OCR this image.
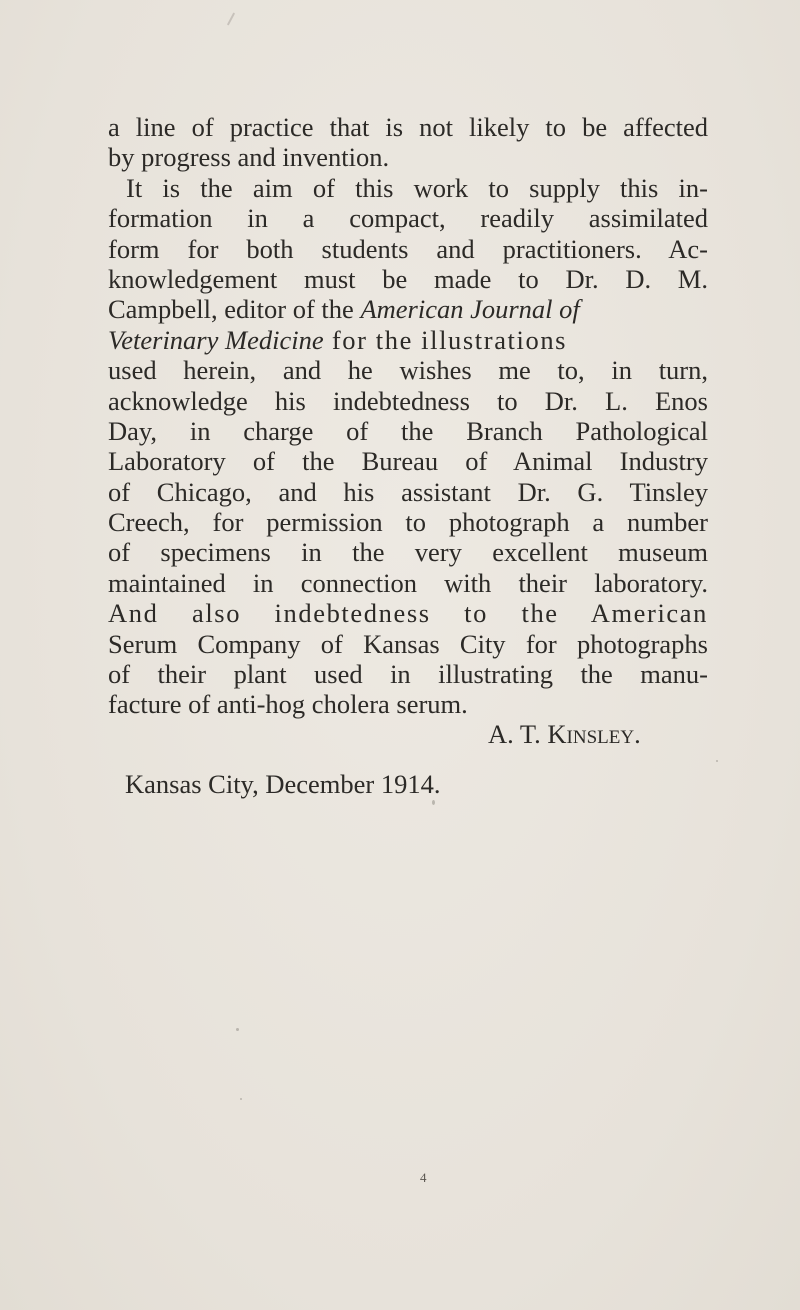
a line of practice that is not likely to be affected
by progress and invention.
It is the aim of this work to supply this in-
formation in a compact, readily assimilated
form for both students and practitioners. Ac-
knowledgement must be made to Dr. D. M.
Campbell, editor of the American Journal of
Veterinary Medicine for the illustrations
used herein, and he wishes me to, in turn,
acknowledge his indebtedness to Dr. L. Enos
Day, in charge of the Branch Pathological
Laboratory of the Bureau of Animal Industry
of Chicago, and his assistant Dr. G. Tinsley
Creech, for permission to photograph a number
of specimens in the very excellent museum
maintained in connection with their laboratory.
And also indebtedness to the American
Serum Company of Kansas City for photographs
of their plant used in illustrating the manu-
facture of anti-hog cholera serum.
A. T. Kinsley.
Kansas City, December 1914.
4
